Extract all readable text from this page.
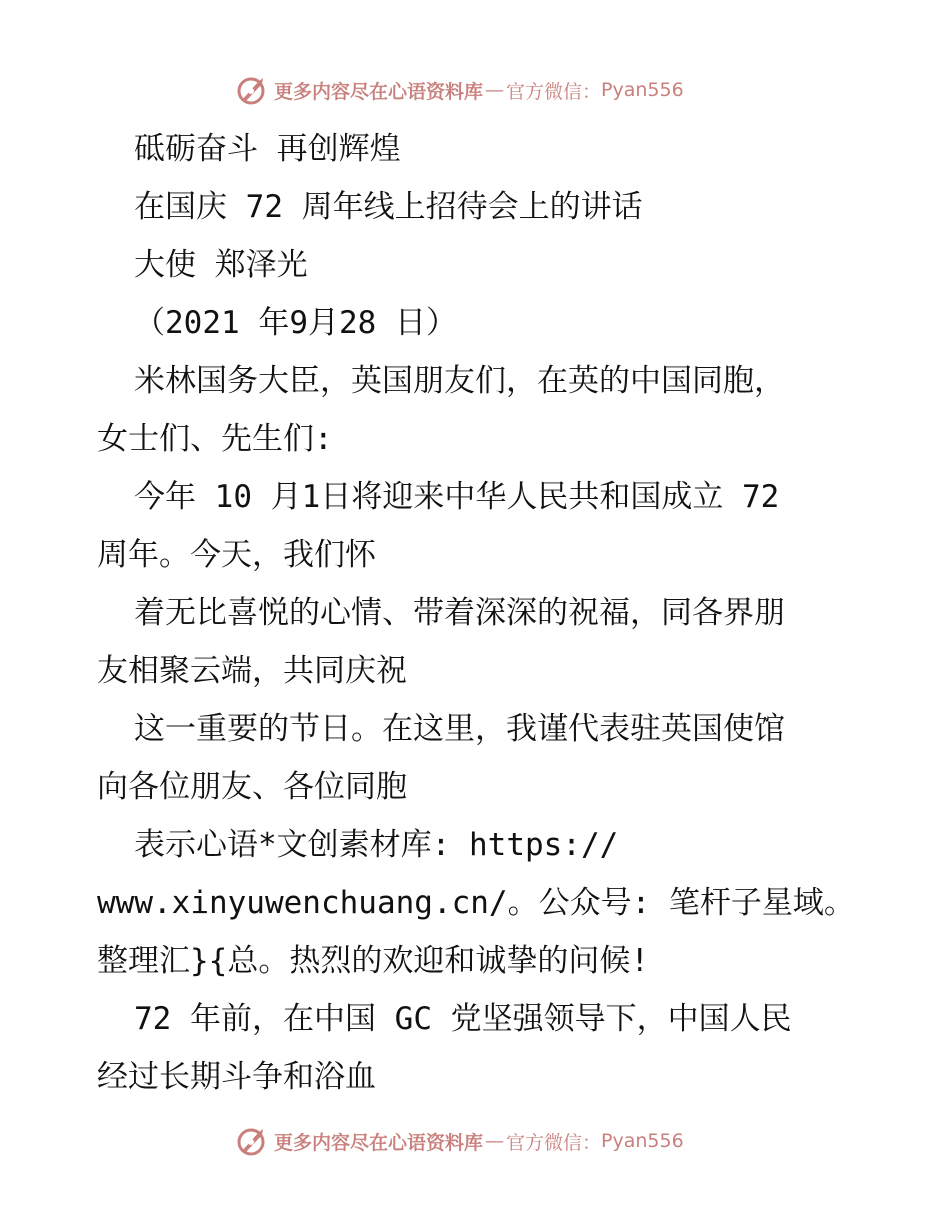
更多内容尽在心语资料库 — 官方微信： Pyan556
砥砺奋斗 再创辉煌
在国庆 72 周年线上招待会上的讲话
大使 郑泽光
（2021 年9月28 日）
米林国务大臣，英国朋友们，在英的中国同胞，
女士们、先生们:
今年 10 月1日将迎来中华人民共和国成立 72
周年。今天，我们怀
着无比喜悦的心情、带着深深的祝福，同各界朋
友相聚云端，共同庆祝
这一重要的节日。在这里，我谨代表驻英国使馆
向各位朋友、各位同胞
表示心语*文创素材库: https://
www.xinyuwenchuang.cn/。公众号: 笔杆子星域。
整理汇}{总。热烈的欢迎和诚挚的问候!
72 年前，在中国 GC 党坚强领导下，中国人民
经过长期斗争和浴血
更多内容尽在心语资料库 — 官方微信： Pyan556
